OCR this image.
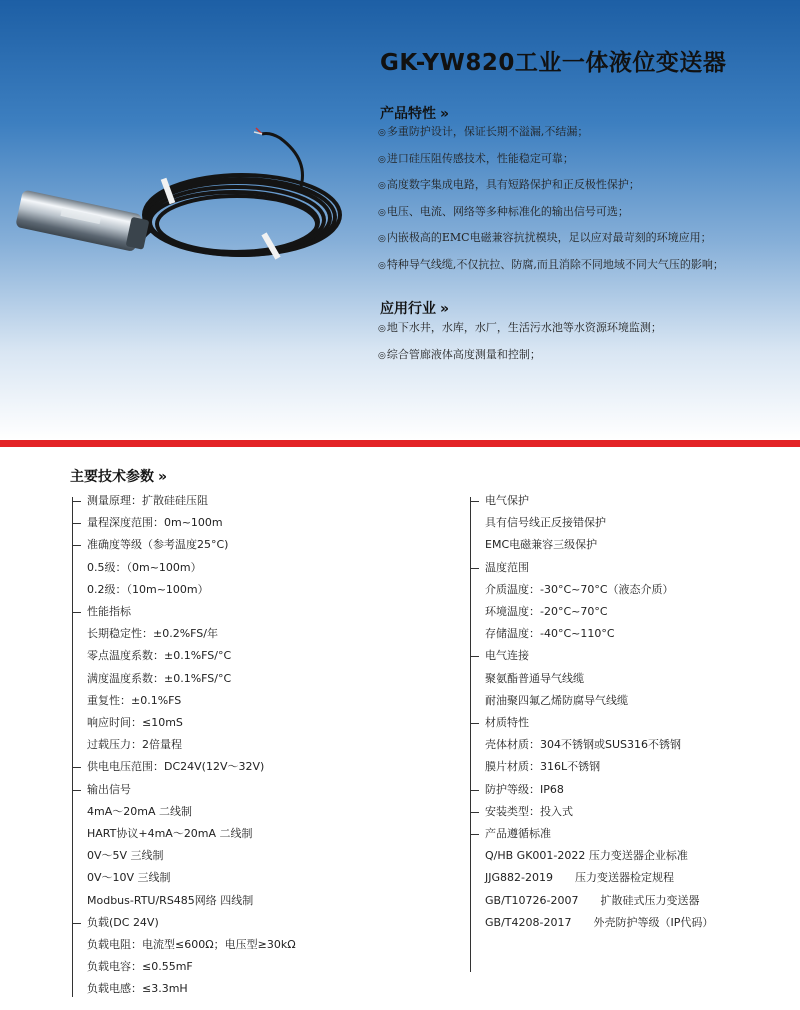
GK-YW820工业一体液位变送器
产品特性 »
◎多重防护设计，保证长期不溢漏,不结漏；
◎进口硅压阻传感技术，性能稳定可靠；
◎高度数字集成电路，具有短路保护和正反极性保护；
◎电压、电流、网络等多种标准化的输出信号可选；
◎内嵌极高的EMC电磁兼容抗扰模块，足以应对最苛刻的环境应用；
◎特种导气线缆,不仅抗拉、防腐,而且消除不同地域不同大气压的影响；
应用行业 »
◎地下水井，水库，水厂，生活污水池等水资源环境监测；
◎综合管廊液体高度测量和控制；
主要技术参数 »
测量原理：扩散硅硅压阻
量程深度范围：0m~100m
准确度等级（参考温度25°C)
0.5级：（0m~100m）
0.2级：（10m~100m）
性能指标
长期稳定性：±0.2%FS/年
零点温度系数：±0.1%FS/°C
满度温度系数：±0.1%FS/°C
重复性：±0.1%FS
响应时间：≤10mS
过载压力：2倍量程
供电电压范围：DC24V(12V～32V)
输出信号
4mA～20mA 二线制
HART协议+4mA～20mA 二线制
0V～5V 三线制
0V～10V 三线制
Modbus-RTU/RS485网络 四线制
负载(DC 24V)
负载电阻：电流型≤600Ω；电压型≥30kΩ
负载电容：≤0.55mF
负载电感：≤3.3mH
电气保护
具有信号线正反接错保护
EMC电磁兼容三级保护
温度范围
介质温度：-30°C~70°C（液态介质）
环境温度：-20°C~70°C
存储温度：-40°C~110°C
电气连接
聚氨酯普通导气线缆
耐油聚四氟乙烯防腐导气线缆
材质特性
壳体材质：304不锈钢或SUS316不锈钢
膜片材质：316L不锈钢
防护等级：IP68
安装类型：投入式
产品遵循标准
Q/HB GK001-2022 压力变送器企业标准
JJG882-2019 压力变送器检定规程
GB/T10726-2007 扩散硅式压力变送器
GB/T4208-2017 外壳防护等级（IP代码）
